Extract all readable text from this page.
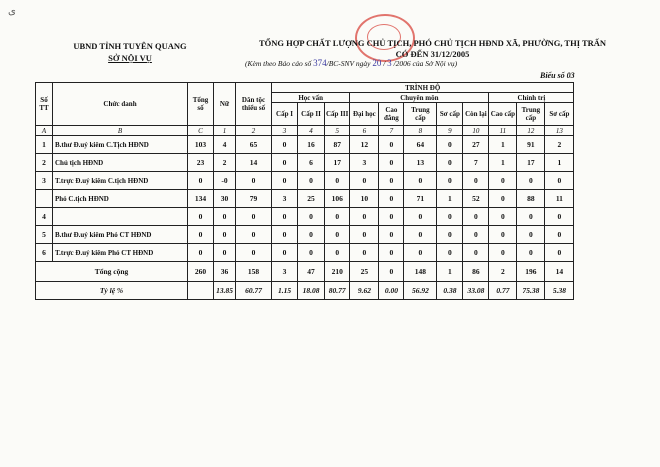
ﻯ
UBND TỈNH TUYÊN QUANG
SỞ NỘI VỤ
TỔNG HỢP CHẤT LƯỢNG CHỦ TỊCH, PHÓ CHỦ TỊCH HĐND XÃ, PHƯỜNG, THỊ TRẤN
CÓ ĐẾN 31/12/2005
(Kèm theo Báo cáo số 374/BC-SNV ngày 20 / 3 /2006 của Sở Nội vụ)
Biểu số 03
Số TT	Chức danh	Tổng số	Nữ	Dân tộc thiểu số	TRÌNH ĐỘ										
					Học vấn			Chuyên môn					Chính trị		
					Cấp I	Cấp II	Cấp III	Đại học	Cao đẳng	Trung cấp	Sơ cấp	Còn lại	Cao cấp	Trung cấp	Sơ cấp
A	B	C	1	2	3	4	5	6	7	8	9	10	11	12	13
1	B.thư Đ.uỷ kiêm C.Tịch HĐND	103	4	65	0	16	87	12	0	64	0	27	1	91	2
2	Chủ tịch HĐND	23	2	14	0	6	17	3	0	13	0	7	1	17	1
3	T.trực Đ.uỷ kiêm C.tịch HĐND	0	-0	0	0	0	0	0	0	0	0	0	0	0	0
	Phó C.tịch HĐND	134	30	79	3	25	106	10	0	71	1	52	0	88	11
4		0	0	0	0	0	0	0	0	0	0	0	0	0	0
5	B.thư Đ.uỷ kiêm Phó CT HĐND	0	0	0	0	0	0	0	0	0	0	0	0	0	0
6	T.trực Đ.uỷ kiêm Phó CT HĐND	0	0	0	0	0	0	0	0	0	0	0	0	0	0
Tổng cộng		260	36	158	3	47	210	25	0	148	1	86	2	196	14
Tỷ lệ %			13.85	60.77	1.15	18.08	80.77	9.62	0.00	56.92	0.38	33.08	0.77	75.38	5.38
